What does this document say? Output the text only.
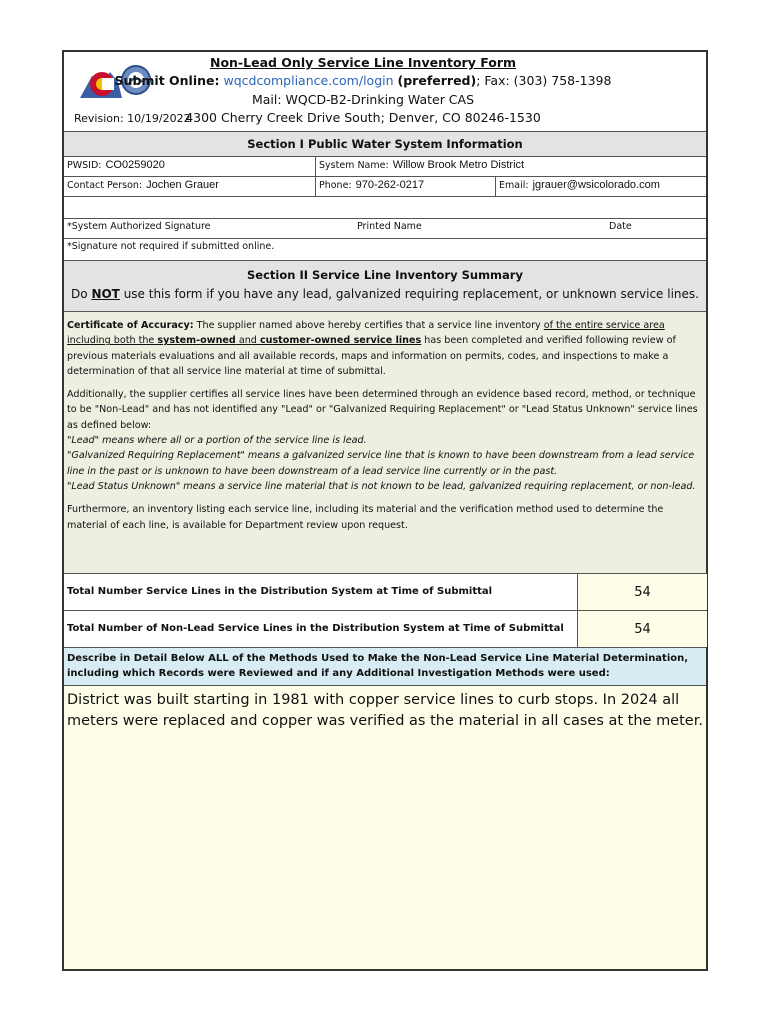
Revision: 10/19/2022
Non-Lead Only Service Line Inventory Form
Submit Online: wqcdcompliance.com/login (preferred); Fax: (303) 758-1398
Mail: WQCD-B2-Drinking Water CAS
4300 Cherry Creek Drive South; Denver, CO 80246-1530
Section I Public Water System Information
PWSID: CO0259020	System Name: Willow Brook Metro District
Contact Person: Jochen Grauer	Phone: 970-262-0217	Email: jgrauer@wsicolorado.com
*System Authorized Signature	Printed Name	Date
*Signature not required if submitted online.
Section II Service Line Inventory Summary
Do NOT use this form if you have any lead, galvanized requiring replacement, or unknown service lines.

Certificate of Accuracy: The supplier named above hereby certifies that a service line inventory of the entire service area including both the system-owned and customer-owned service lines has been completed and verified following review of previous materials evaluations and all available records, maps and information on permits, codes, and inspections to make a determination of that all service line material at time of submittal.

Additionally, the supplier certifies all service lines have been determined through an evidence based record, method, or technique to be "Non-Lead" and has not identified any "Lead" or "Galvanized Requiring Replacement" or "Lead Status Unknown" service lines as defined below:

"Lead" means where all or a portion of the service line is lead.
"Galvanized Requiring Replacement" means a galvanized service line that is known to have been downstream from a lead service line in the past or is unknown to have been downstream of a lead service line currently or in the past.

"Lead Status Unknown" means a service line material that is not known to be lead, galvanized requiring replacement, or non-lead.

Furthermore, an inventory listing each service line, including its material and the verification method used to determine the material of each line, is available for Department review upon request.

Total Number Service Lines in the Distribution System at Time of Submittal	54
Total Number of Non-Lead Service Lines in the Distribution System at Time of Submittal	54
Describe in Detail Below ALL of the Methods Used to Make the Non-Lead Service Line Material Determination, including which Records were Reviewed and if any Additional Investigation Methods were used:
District was built starting in 1981 with copper service lines to curb stops. In 2024 all meters were replaced and copper was verified as the material in all cases at the meter.
